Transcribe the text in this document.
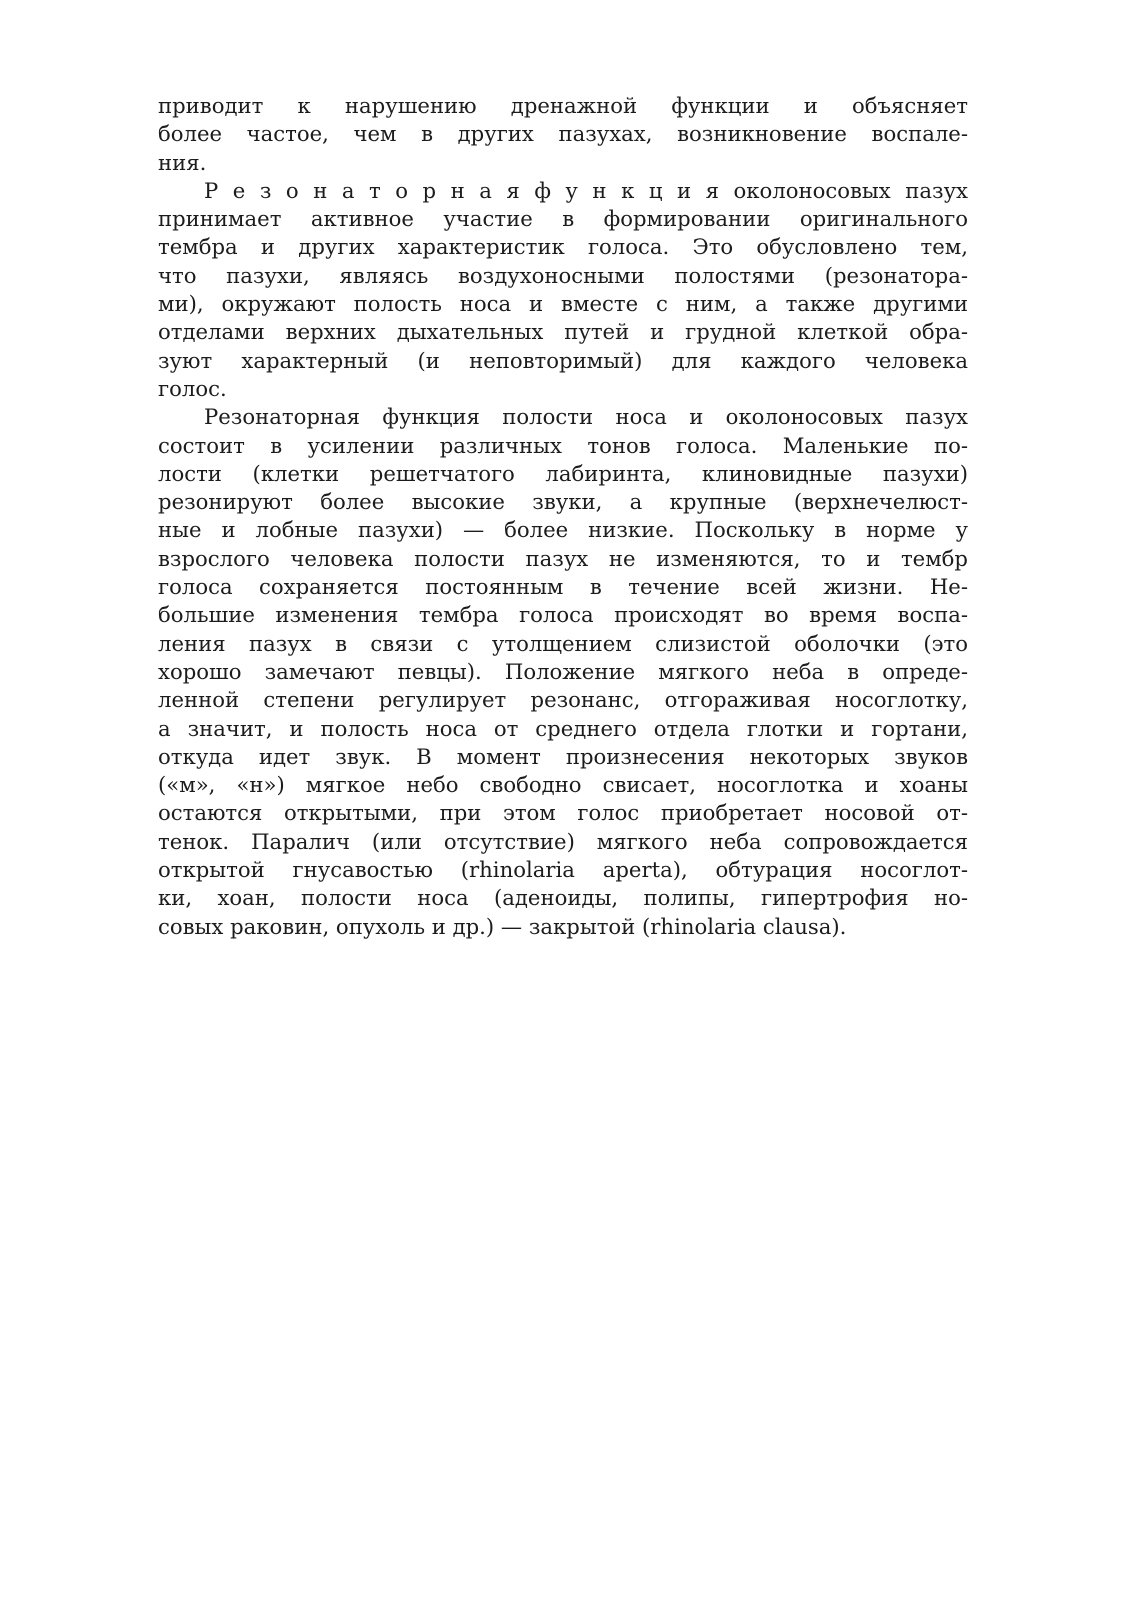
приводит к нарушению дренажной функции и объясняет
более частое, чем в других пазухах, возникновение воспале-
ния.
Р е з о н а т о р н а я ф у н к ц и я околоносовых пазух
принимает активное участие в формировании оригинального
тембра и других характеристик голоса. Это обусловлено тем,
что пазухи, являясь воздухоносными полостями (резонатора-
ми), окружают полость носа и вместе с ним, а также другими
отделами верхних дыхательных путей и грудной клеткой обра-
зуют характерный (и неповторимый) для каждого человека
голос.
Резонаторная функция полости носа и околоносовых пазух
состоит в усилении различных тонов голоса. Маленькие по-
лости (клетки решетчатого лабиринта, клиновидные пазухи)
резонируют более высокие звуки, а крупные (верхнечелюст-
ные и лобные пазухи) — более низкие. Поскольку в норме у
взрослого человека полости пазух не изменяются, то и тембр
голоса сохраняется постоянным в течение всей жизни. Не-
большие изменения тембра голоса происходят во время воспа-
ления пазух в связи с утолщением слизистой оболочки (это
хорошо замечают певцы). Положение мягкого неба в опреде-
ленной степени регулирует резонанс, отгораживая носоглотку,
а значит, и полость носа от среднего отдела глотки и гортани,
откуда идет звук. В момент произнесения некоторых звуков
(«м», «н») мягкое небо свободно свисает, носоглотка и хоаны
остаются открытыми, при этом голос приобретает носовой от-
тенок. Паралич (или отсутствие) мягкого неба сопровождается
открытой гнусавостью (rhinolaria aperta), обтурация носоглот-
ки, хоан, полости носа (аденоиды, полипы, гипертрофия но-
совых раковин, опухоль и др.) — закрытой (rhinolaria clausa).
